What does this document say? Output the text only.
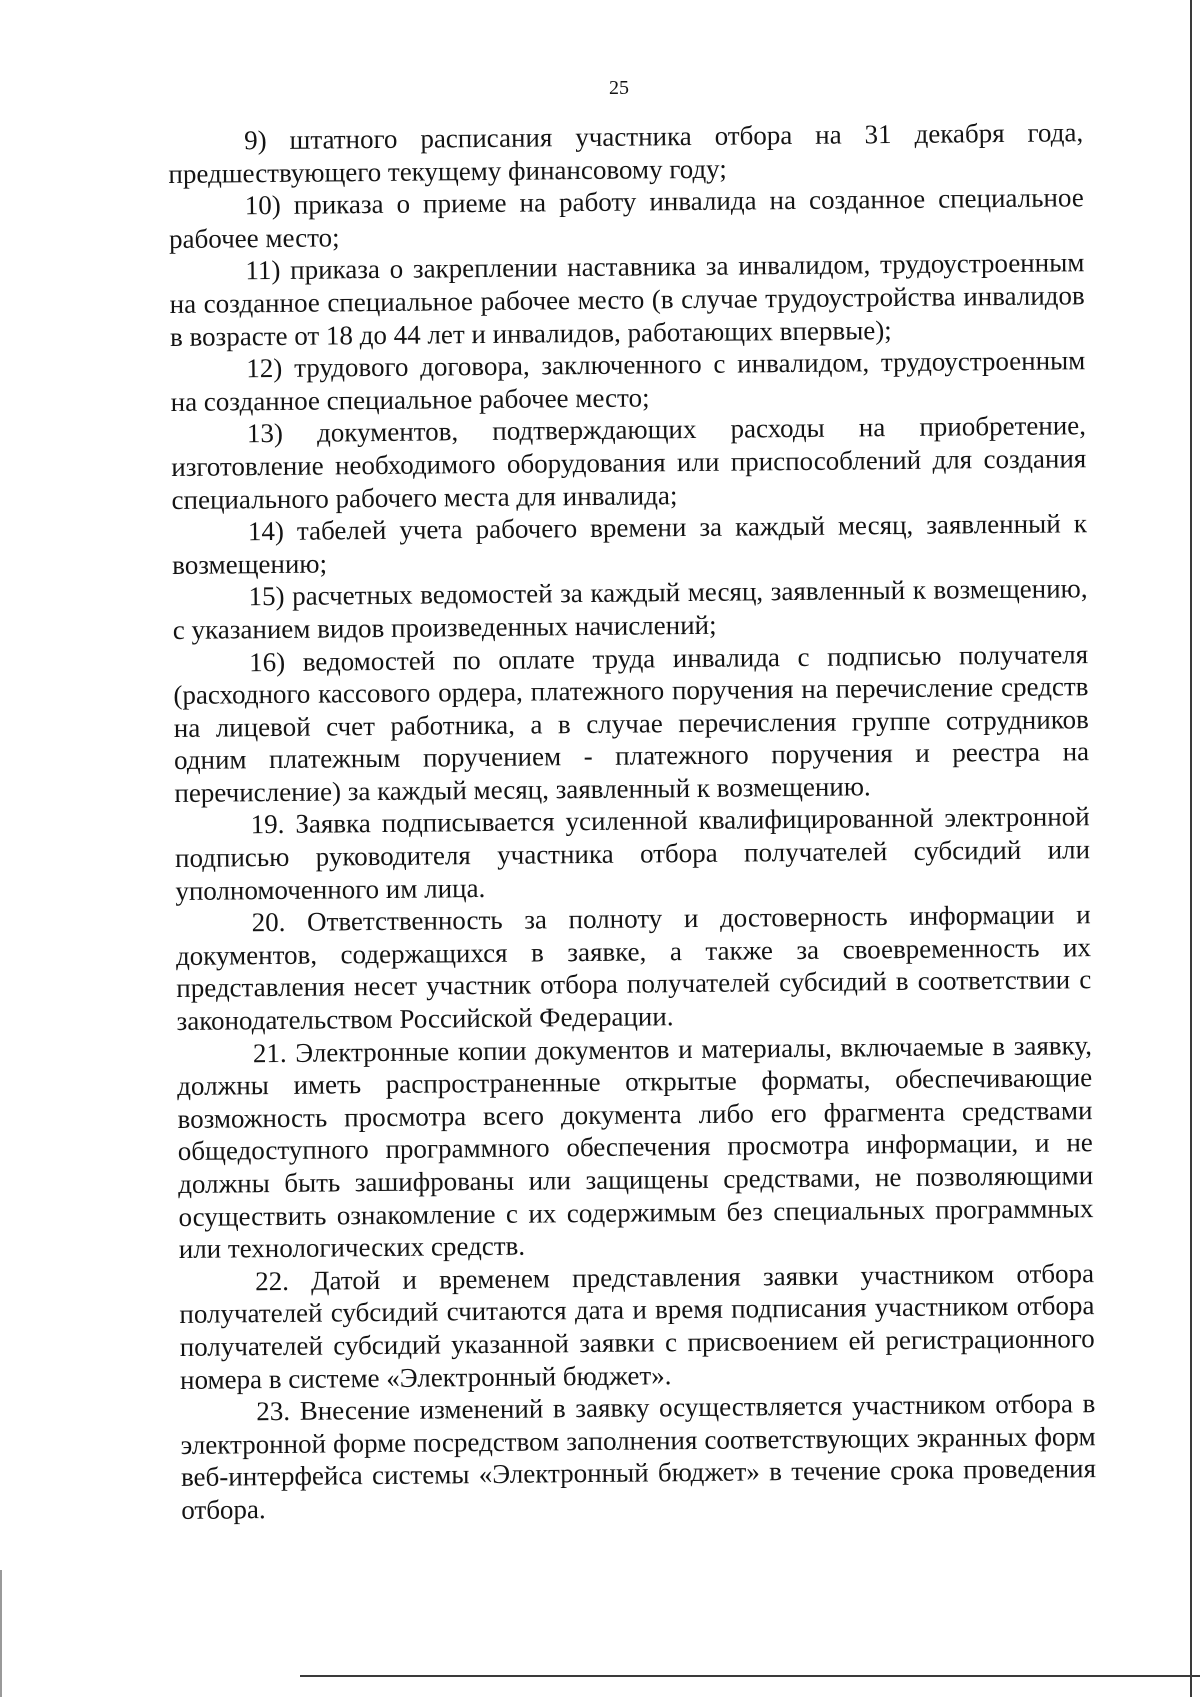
25

9) штатного расписания участника отбора на 31 декабря года, предшествующего текущему финансовому году;

10) приказа о приеме на работу инвалида на созданное специальное рабочее место;

11) приказа о закреплении наставника за инвалидом, трудоустроенным на созданное специальное рабочее место (в случае трудоустройства инвалидов в возрасте от 18 до 44 лет и инвалидов, работающих впервые);

12) трудового договора, заключенного с инвалидом, трудоустроенным на созданное специальное рабочее место;

13) документов, подтверждающих расходы на приобретение, изготовление необходимого оборудования или приспособлений для создания специального рабочего места для инвалида;

14) табелей учета рабочего времени за каждый месяц, заявленный к возмещению;

15) расчетных ведомостей за каждый месяц, заявленный к возмещению, с указанием видов произведенных начислений;

16) ведомостей по оплате труда инвалида с подписью получателя (расходного кассового ордера, платежного поручения на перечисление средств на лицевой счет работника, а в случае перечисления группе сотрудников одним платежным поручением - платежного поручения и реестра на перечисление) за каждый месяц, заявленный к возмещению.

19. Заявка подписывается усиленной квалифицированной электронной подписью руководителя участника отбора получателей субсидий или уполномоченного им лица.

20. Ответственность за полноту и достоверность информации и документов, содержащихся в заявке, а также за своевременность их представления несет участник отбора получателей субсидий в соответствии с законодательством Российской Федерации.

21. Электронные копии документов и материалы, включаемые в заявку, должны иметь распространенные открытые форматы, обеспечивающие возможность просмотра всего документа либо его фрагмента средствами общедоступного программного обеспечения просмотра информации, и не должны быть зашифрованы или защищены средствами, не позволяющими осуществить ознакомление с их содержимым без специальных программных или технологических средств.

22. Датой и временем представления заявки участником отбора получателей субсидий считаются дата и время подписания участником отбора получателей субсидий указанной заявки с присвоением ей регистрационного номера в системе «Электронный бюджет».

23. Внесение изменений в заявку осуществляется участником отбора в электронной форме посредством заполнения соответствующих экранных форм веб-интерфейса системы «Электронный бюджет» в течение срока проведения отбора.
